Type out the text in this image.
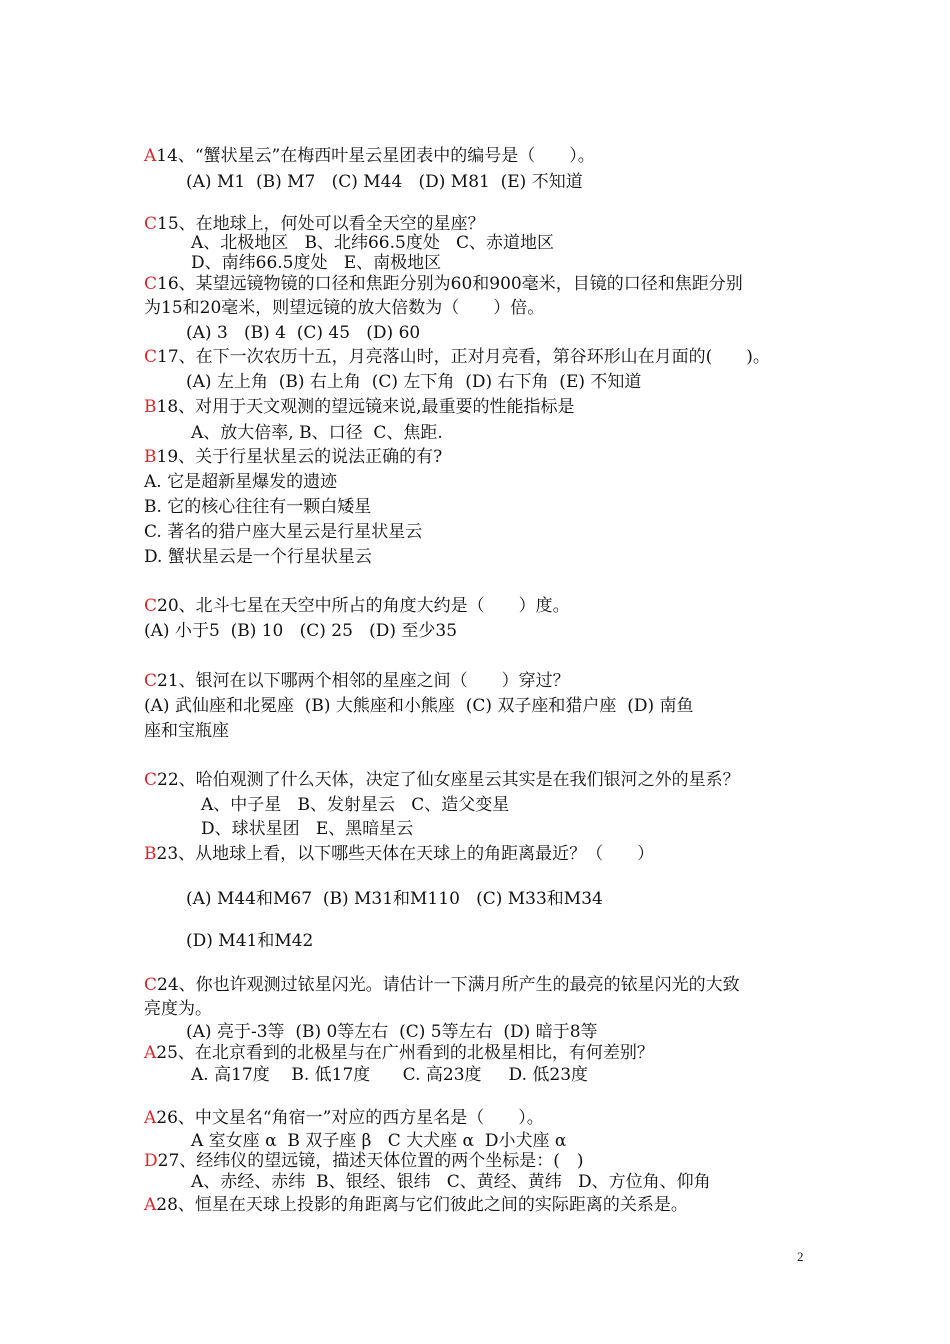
A14、“蟹状星云”在梅西叶星云星团表中的编号是（　　）。
(A) M1  (B) M7   (C) M44   (D) M81  (E) 不知道
C15、在地球上，何处可以看全天空的星座？
A、北极地区   B、北纬66.5度处   C、赤道地区
D、南纬66.5度处   E、南极地区
C16、某望远镜物镜的口径和焦距分别为60和900毫米，目镜的口径和焦距分别
为15和20毫米，则望远镜的放大倍数为（　　）倍。
(A) 3   (B) 4  (C) 45   (D) 60
C17、在下一次农历十五，月亮落山时，正对月亮看，第谷环形山在月面的(　　)。
(A) 左上角  (B) 右上角  (C) 左下角  (D) 右下角  (E) 不知道
B18、对用于天文观测的望远镜来说,最重要的性能指标是
A、放大倍率, B、口径  C、焦距.
B19、关于行星状星云的说法正确的有?
A. 它是超新星爆发的遗迹
B. 它的核心往往有一颗白矮星
C. 著名的猎户座大星云是行星状星云
D. 蟹状星云是一个行星状星云
C20、北斗七星在天空中所占的角度大约是（　　）度。
(A) 小于5  (B) 10   (C) 25   (D) 至少35
C21、银河在以下哪两个相邻的星座之间（　　）穿过？
(A) 武仙座和北冕座  (B) 大熊座和小熊座  (C) 双子座和猎户座  (D) 南鱼
座和宝瓶座
C22、哈伯观测了什么天体，决定了仙女座星云其实是在我们银河之外的星系？
A、中子星   B、发射星云   C、造父变星
D、球状星团   E、黑暗星云
B23、从地球上看，以下哪些天体在天球上的角距离最近？（　　）
(A) M44和M67  (B) M31和M110   (C) M33和M34
(D) M41和M42
C24、你也许观测过铱星闪光。请估计一下满月所产生的最亮的铱星闪光的大致
亮度为。
(A) 亮于-3等  (B) 0等左右  (C) 5等左右  (D) 暗于8等
A25、在北京看到的北极星与在广州看到的北极星相比，有何差别？
A. 高17度    B. 低17度      C. 高23度     D. 低23度
A26、中文星名“角宿一”对应的西方星名是（　　）。
A 室女座 α  B 双子座 β   C 大犬座 α  D小犬座 α
D27、经纬仪的望远镜，描述天体位置的两个坐标是：(　)
A、赤经、赤纬  B、银经、银纬   C、黄经、黄纬   D、方位角、仰角
A28、恒星在天球上投影的角距离与它们彼此之间的实际距离的关系是。
2
